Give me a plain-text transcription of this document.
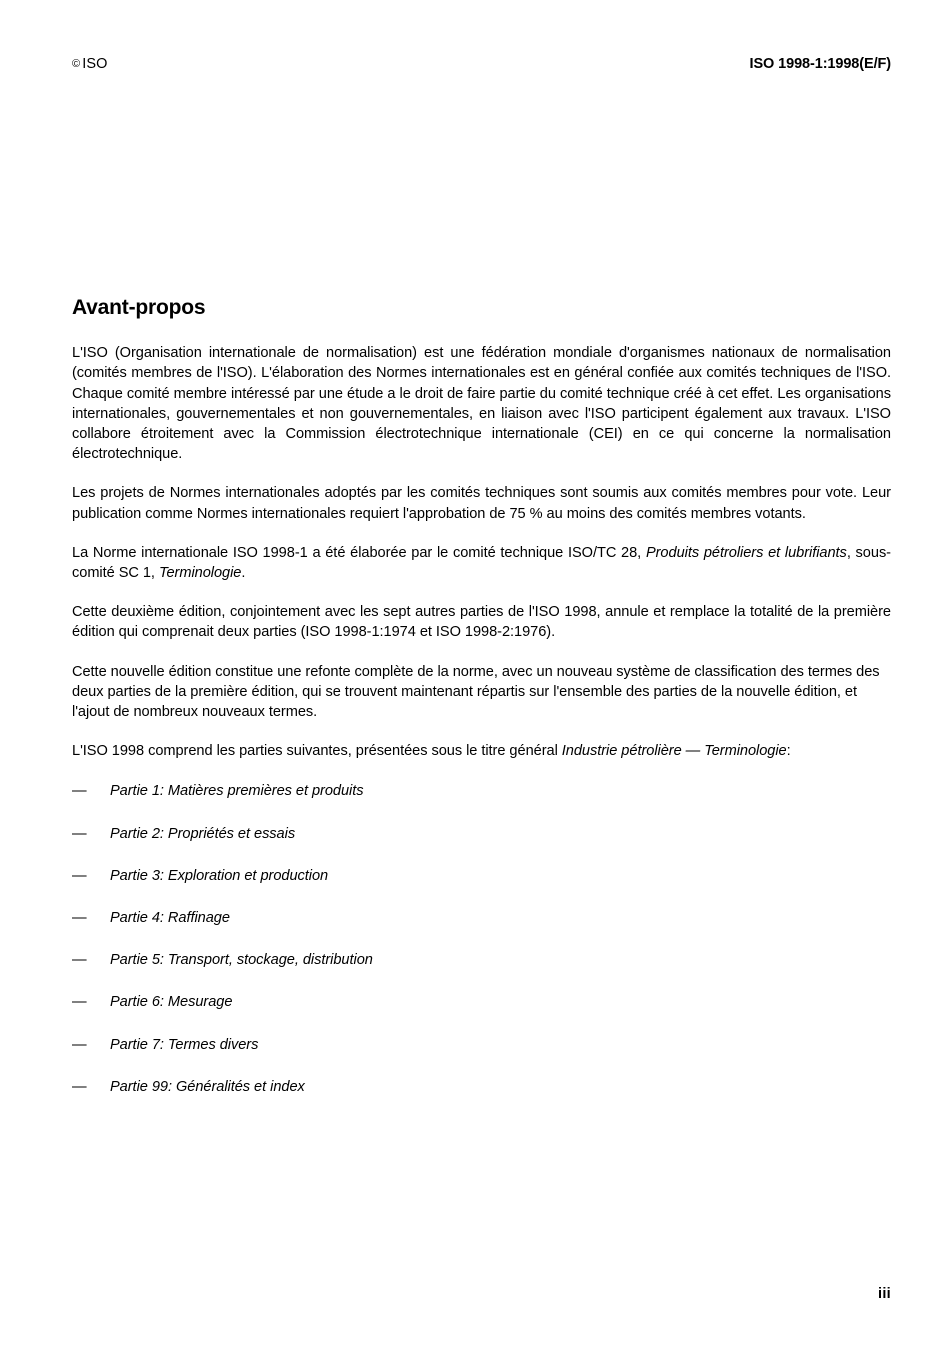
© ISO	ISO 1998-1:1998(E/F)
Avant-propos

L'ISO (Organisation internationale de normalisation) est une fédération mondiale d'organismes nationaux de normalisation (comités membres de l'ISO). L'élaboration des Normes internationales est en général confiée aux comités techniques de l'ISO. Chaque comité membre intéressé par une étude a le droit de faire partie du comité technique créé à cet effet. Les organisations internationales, gouvernementales et non gouvernementales, en liaison avec l'ISO participent également aux travaux. L'ISO collabore étroitement avec la Commission électrotechnique internationale (CEI) en ce qui concerne la normalisation électrotechnique.

Les projets de Normes internationales adoptés par les comités techniques sont soumis aux comités membres pour vote. Leur publication comme Normes internationales requiert l'approbation de 75 % au moins des comités membres votants.

La Norme internationale ISO 1998-1 a été élaborée par le comité technique ISO/TC 28, Produits pétroliers et lubrifiants, sous-comité SC 1, Terminologie.

Cette deuxième édition, conjointement avec les sept autres parties de l'ISO 1998, annule et remplace la totalité de la première édition qui comprenait deux parties (ISO 1998-1:1974 et ISO 1998-2:1976).

Cette nouvelle édition constitue une refonte complète de la norme, avec un nouveau système de classification des termes des deux parties de la première édition, qui se trouvent maintenant répartis sur l'ensemble des parties de la nouvelle édition, et l'ajout de nombreux nouveaux termes.

L'ISO 1998 comprend les parties suivantes, présentées sous le titre général Industrie pétrolière — Terminologie:

— Partie 1: Matières premières et produits
— Partie 2: Propriétés et essais
— Partie 3: Exploration et production
— Partie 4: Raffinage
— Partie 5: Transport, stockage, distribution
— Partie 6: Mesurage
— Partie 7: Termes divers
— Partie 99: Généralités et index
iii
